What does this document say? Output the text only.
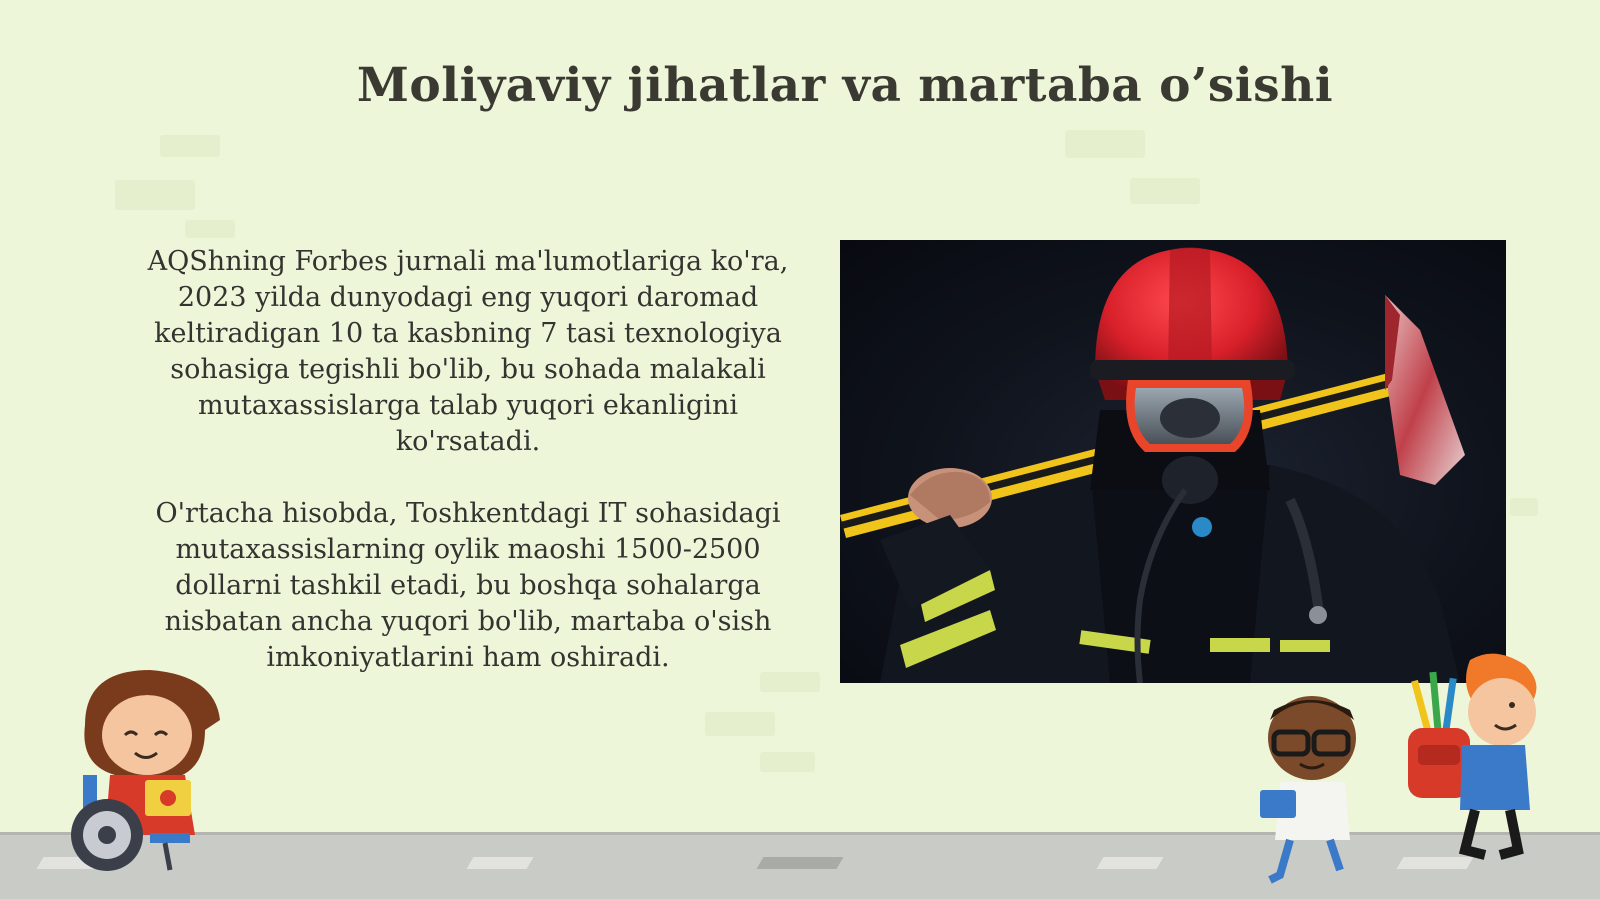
Moliyaviy jihatlar va martaba o’sishi

AQShning Forbes jurnali ma'lumotlariga ko'ra, 2023 yilda dunyodagi eng yuqori daromad keltiradigan 10 ta kasbning 7 tasi texnologiya sohasiga tegishli bo'lib, bu sohada malakali mutaxassislarga talab yuqori ekanligini ko'rsatadi.

O'rtacha hisobda, Toshkentdagi IT sohasidagi mutaxassislarning oylik maoshi 1500-2500 dollarni tashkil etadi, bu boshqa sohalarga nisbatan ancha yuqori bo'lib, martaba o'sish imkoniyatlarini ham oshiradi.
